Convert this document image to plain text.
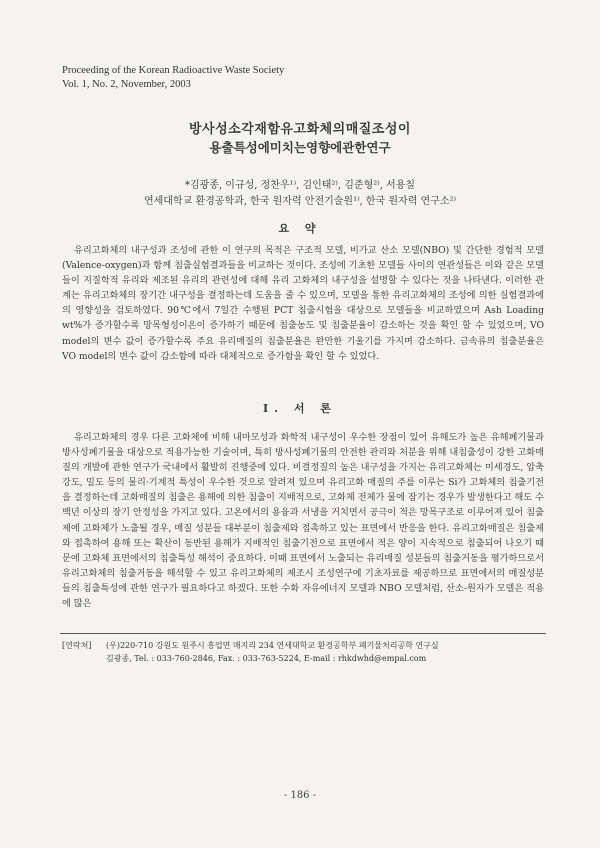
Proceeding of the Korean Radioactive Waste Society
Vol. 1, No. 2, November, 2003
방사성소각재함유고화체의매질조성이
용출특성에미치는영향에관한연구
*김광종, 이규성, 정찬우¹⁾, 김인태²⁾, 김준형²⁾, 서용칠
연세대학교 환경공학과, 한국 원자력 안전기술원¹⁾, 한국 원자력 연구소²⁾
요 약
유리고화체의 내구성과 조성에 관한 이 연구의 목적은 구조적 모델, 비가교 산소 모델(NBO) 및 간단한 경험적 모델(Valence-oxygen)과 함께 침출실험결과들을 비교하는 것이다. 조성에 기초한 모델들 사이의 연관성들은 이와 같은 모델들이 지질학적 유리와 제조된 유리의 관련성에 대해 유리 고화체의 내구성을 설명할 수 있다는 것을 나타낸다. 이러한 관계는 유리고화체의 장기간 내구성을 결정하는데 도움을 줄 수 있으며, 모델을 통한 유리고화체의 조성에 의한 실험결과에의 영향성을 검토하였다. 90℃에서 7일간 수행된 PCT 침출시험을 대상으로 모델들을 비교하였으며 Ash Loading wt%가 증가할수록 망목형성이온이 증가하기 때문에 침출농도 및 침출분율이 감소하는 것을 확인 할 수 있었으며, VO model의 변수 값이 증가할수록 주요 유리매질의 침출분율은 완만한 기울기를 가지며 감소하다. 금속류의 침출분율은 VO model의 변수 값이 감소함에 따라 대체적으로 증가함을 확인 할 수 있었다.
I. 서 론
유리고화체의 경우 다른 고화체에 비해 내마모성과 화학적 내구성이 우수한 장점이 있어 유해도가 높은 유해폐기물과 방사성폐기물을 대상으로 적용가능한 기술이며, 특히 방사성폐기물의 안전한 관리와 처분을 위해 내침출성이 강한 고화매질의 개발에 관한 연구가 국내에서 활발히 진행중에 있다. 비결정질의 높은 내구성을 가지는 유리고화체는 미세경도, 압축강도, 밀도 등의 물리·기계적 특성이 우수한 것으로 알려져 있으며 유리고화 매질의 주를 이루는 Si가 고화체의 침출기전을 결정하는데 고화매질의 침출은 용해에 의한 침출이 지배적으로, 고화체 전체가 물에 잠기는 경우가 발생한다고 해도 수백년 이상의 장기 안정성을 가지고 있다. 고온에서의 용융과 서냉을 거치면서 공극이 적은 망목구조로 이루어져 있어 침출제에 고화체가 노출될 경우, 매질 성분들 대부분이 침출제와 접촉하고 있는 표면에서 반응을 한다. 유리고화매질은 침출제와 접촉하여 용해 또는 확산이 동반된 용해가 지배적인 침출기전으로 표면에서 적은 양이 지속적으로 침출되어 나오기 때문에 고화체 표면에서의 침출특성 해석이 중요하다. 이때 표면에서 노출되는 유리매질 성분들의 침출거동을 평가하므로서 유리고화체의 침출거동을 해석할 수 있고 유리고화체의 제조시 조성연구에 기초자료를 제공하므로 표면에서의 매질성분들의 침출특성에 관한 연구가 필요하다고 하겠다. 또한 수화 자유에너지 모델과 NBO 모델처럼, 산소-원자가 모델은 적용에 많은
[연락처] (우)220-710 강원도 원주시 흥업면 매지리 234 연세대학교 환경공학부 폐기물처리공학 연구실
김광종, Tel. : 033-760-2846, Fax. : 033-763-5224, E-mail : rhkdwhd@empal.com
- 186 -
